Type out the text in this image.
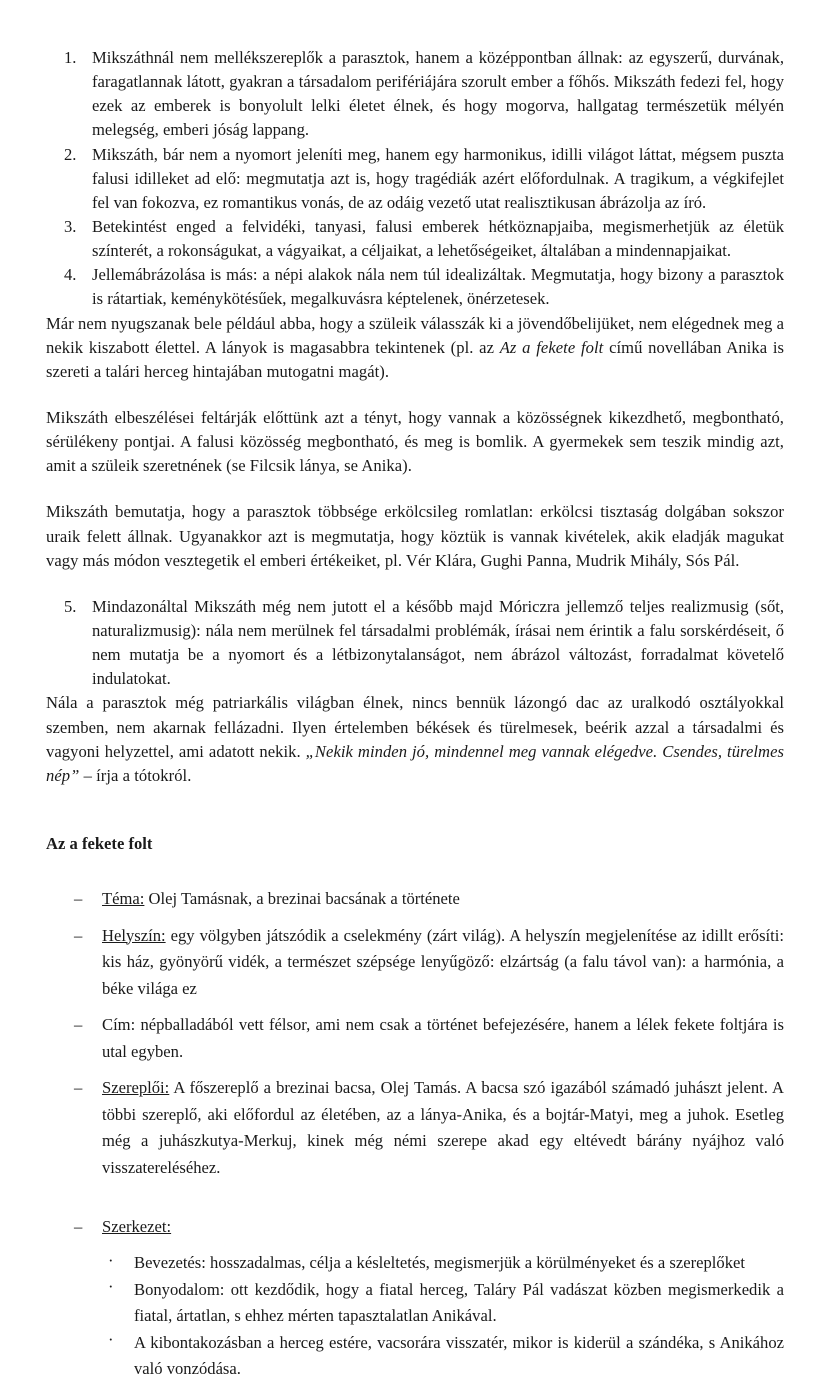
1. Mikszáthnál nem mellékszereplők a parasztok, hanem a középpontban állnak: az egyszerű, durvának, faragatlannak látott, gyakran a társadalom perifériájára szorult ember a főhős. Mikszáth fedezi fel, hogy ezek az emberek is bonyolult lelki életet élnek, és hogy mogorva, hallgatag természetük mélyén melegség, emberi jóság lappang.
2. Mikszáth, bár nem a nyomort jeleníti meg, hanem egy harmonikus, idilli világot láttat, mégsem puszta falusi idilleket ad elő: megmutatja azt is, hogy tragédiák azért előfordulnak. A tragikum, a végkifejlet fel van fokozva, ez romantikus vonás, de az odáig vezető utat realisztikusan ábrázolja az író.
3. Betekintést enged a felvidéki, tanyasi, falusi emberek hétköznapjaiba, megismerhetjük az életük színterét, a rokonságukat, a vágyaikat, a céljaikat, a lehetőségeiket, általában a mindennapjaikat.
4. Jellemábrázolása is más: a népi alakok nála nem túl idealizáltak. Megmutatja, hogy bizony a parasztok is rátartiak, keménykötésűek, megalkuvásra képtelenek, önérzetesek.

Már nem nyugszanak bele például abba, hogy a szüleik válasszák ki a jövendőbelijüket, nem elégednek meg a nekik kiszabott élettel. A lányok is magasabbra tekintenek (pl. az Az a fekete folt című novellában Anika is szereti a talári herceg hintajában mutogatni magát).

Mikszáth elbeszélései feltárják előttünk azt a tényt, hogy vannak a közösségnek kikezdhető, megbontható, sérülékeny pontjai. A falusi közösség megbontható, és meg is bomlik. A gyermekek sem teszik mindig azt, amit a szüleik szeretnének (se Filcsik lánya, se Anika).

Mikszáth bemutatja, hogy a parasztok többsége erkölcsileg romlatlan: erkölcsi tisztaság dolgában sokszor uraik felett állnak. Ugyanakkor azt is megmutatja, hogy köztük is vannak kivételek, akik eladják magukat vagy más módon vesztegetik el emberi értékeiket, pl. Vér Klára, Gughi Panna, Mudrik Mihály, Sós Pál.

5. Mindazonáltal Mikszáth még nem jutott el a később majd Móriczra jellemző teljes realizmusig (sőt, naturalizmusig): nála nem merülnek fel társadalmi problémák, írásai nem érintik a falu sorskérdéseit, ő nem mutatja be a nyomort és a létbizonytalanságot, nem ábrázol változást, forradalmat követelő indulatokat.

Nála a parasztok még patriarkális világban élnek, nincs bennük lázongó dac az uralkodó osztályokkal szemben, nem akarnak fellázadni. Ilyen értelemben békések és türelmesek, beérik azzal a társadalmi és vagyoni helyzettel, ami adatott nekik. „Nekik minden jó, mindennel meg vannak elégedve. Csendes, türelmes nép” – írja a tótokról.

Az a fekete folt
– Téma: Olej Tamásnak, a brezinai bacsának a története
– Helyszín: egy völgyben játszódik a cselekmény (zárt világ). A helyszín megjelenítése az idillt erősíti: kis ház, gyönyörű vidék, a természet szépsége lenyűgöző: elzártság (a falu távol van): a harmónia, a béke világa ez
– Cím: népballadából vett félsor, ami nem csak a történet befejezésére, hanem a lélek fekete foltjára is utal egyben.
– Szereplői: A főszereplő a brezinai bacsa, Olej Tamás. A bacsa szó igazából számadó juhászt jelent. A többi szereplő, aki előfordul az életében, az a lánya-Anika, és a bojtár-Matyi, meg a juhok. Esetleg még a juhászkutya-Merkuj, kinek még némi szerepe akad egy eltévedt bárány nyájhoz való visszatereléséhez.
– Szerkezet:
· Bevezetés: hosszadalmas, célja a késleltetés, megismerjük a körülményeket és a szereplőket
· Bonyodalom: ott kezdődik, hogy a fiatal herceg, Taláry Pál vadászat közben megismerkedik a fiatal, ártatlan, s ehhez mérten tapasztalatlan Anikával.
· A kibontakozásban a herceg estére, vacsorára visszatér, mikor is kiderül a szándéka, s Anikához való vonzódása.
